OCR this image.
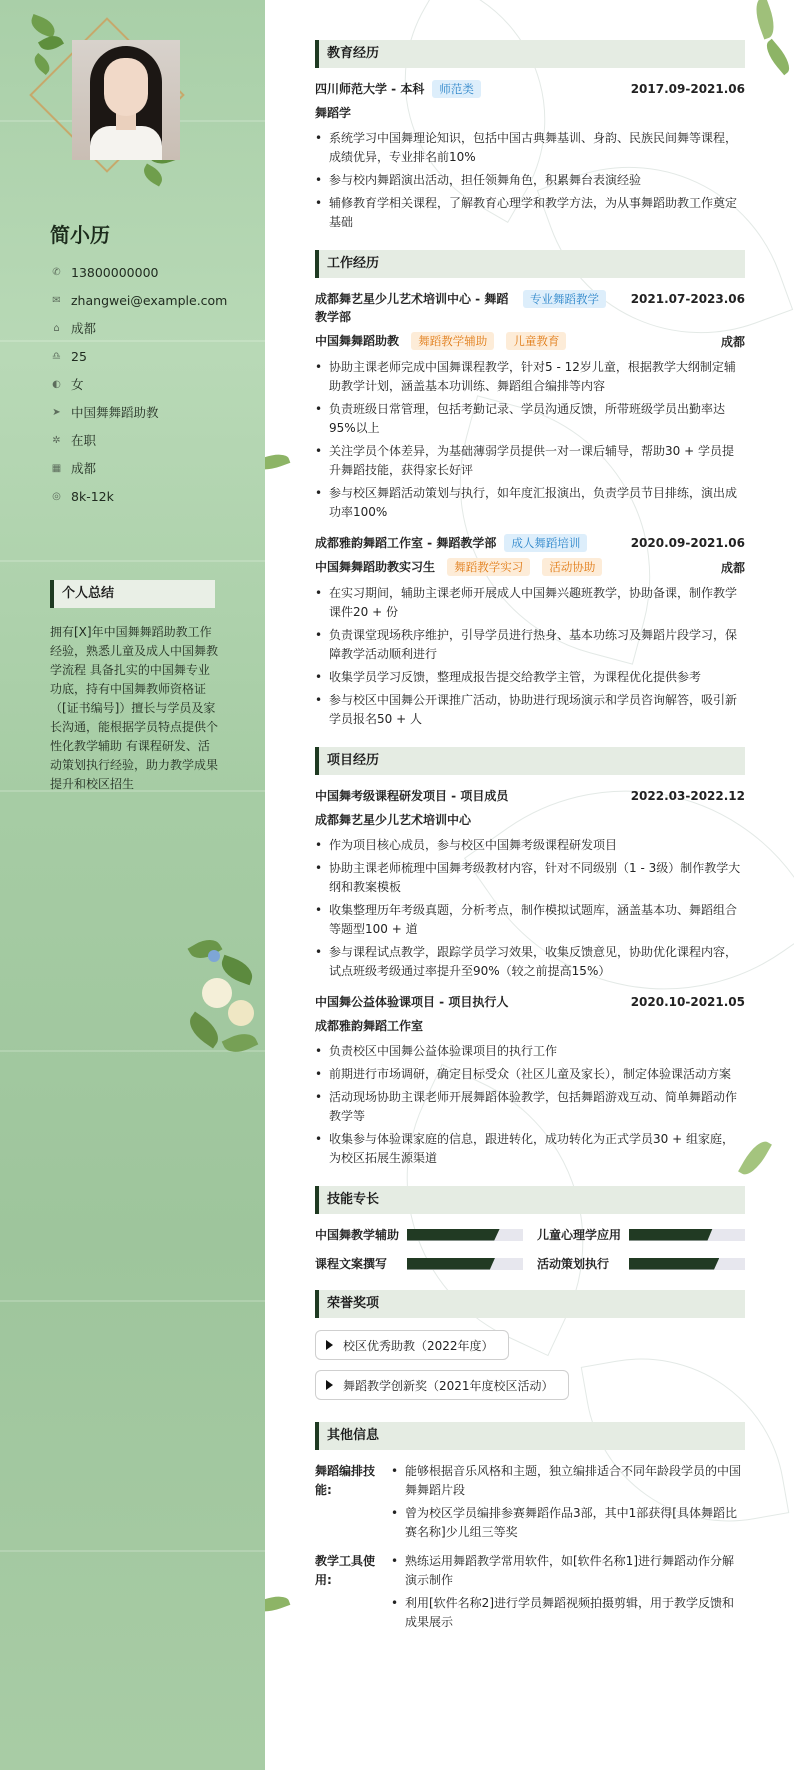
简小历
✆ 13800000000
✉ zhangwei@example.com
⌂ 成都
♎ 25
◐ 女
➤ 中国舞舞蹈助教
✲ 在职
▦ 成都
◎ 8k-12k
个人总结
拥有[X]年中国舞舞蹈助教工作经验，熟悉儿童及成人中国舞教学流程 具备扎实的中国舞专业功底，持有中国舞教师资格证（[证书编号]）擅长与学员及家长沟通，能根据学员特点提供个性化教学辅助 有课程研发、活动策划执行经验，助力教学成果提升和校区招生
教育经历
四川师范大学 - 本科	师范类	2017.09-2021.06
舞蹈学
• 系统学习中国舞理论知识，包括中国古典舞基训、身韵、民族民间舞等课程，成绩优异，专业排名前10%
• 参与校内舞蹈演出活动，担任领舞角色，积累舞台表演经验
• 辅修教育学相关课程，了解教育心理学和教学方法，为从事舞蹈助教工作奠定基础
工作经历
成都舞艺星少儿艺术培训中心 - 舞蹈教学部
专业舞蹈教学	2021.07-2023.06
中国舞舞蹈助教 舞蹈教学辅助 儿童教育	成都
• 协助主课老师完成中国舞课程教学，针对5 - 12岁儿童，根据教学大纲制定辅助教学计划，涵盖基本功训练、舞蹈组合编排等内容
• 负责班级日常管理，包括考勤记录、学员沟通反馈，所带班级学员出勤率达95%以上
• 关注学员个体差异，为基础薄弱学员提供一对一课后辅导，帮助30 + 学员提升舞蹈技能，获得家长好评
• 参与校区舞蹈活动策划与执行，如年度汇报演出，负责学员节目排练，演出成功率100%
成都雅韵舞蹈工作室 - 舞蹈教学部	成人舞蹈培训	2020.09-2021.06
中国舞舞蹈助教实习生 舞蹈教学实习 活动协助	成都
• 在实习期间，辅助主课老师开展成人中国舞兴趣班教学，协助备课，制作教学课件20 + 份
• 负责课堂现场秩序维护，引导学员进行热身、基本功练习及舞蹈片段学习，保障教学活动顺利进行
• 收集学员学习反馈，整理成报告提交给教学主管，为课程优化提供参考
• 参与校区中国舞公开课推广活动，协助进行现场演示和学员咨询解答，吸引新学员报名50 + 人
项目经历
中国舞考级课程研发项目 - 项目成员	2022.03-2022.12
成都舞艺星少儿艺术培训中心
• 作为项目核心成员，参与校区中国舞考级课程研发项目
• 协助主课老师梳理中国舞考级教材内容，针对不同级别（1 - 3级）制作教学大纲和教案模板
• 收集整理历年考级真题，分析考点，制作模拟试题库，涵盖基本功、舞蹈组合等题型100 + 道
• 参与课程试点教学，跟踪学员学习效果，收集反馈意见，协助优化课程内容，试点班级考级通过率提升至90%（较之前提高15%）
中国舞公益体验课项目 - 项目执行人	2020.10-2021.05
成都雅韵舞蹈工作室
• 负责校区中国舞公益体验课项目的执行工作
• 前期进行市场调研，确定目标受众（社区儿童及家长），制定体验课活动方案
• 活动现场协助主课老师开展舞蹈体验教学，包括舞蹈游戏互动、简单舞蹈动作教学等
• 收集参与体验课家庭的信息，跟进转化，成功转化为正式学员30 + 组家庭，为校区拓展生源渠道
技能专长
中国舞教学辅助	儿童心理学应用
课程文案撰写	活动策划执行
荣誉奖项
校区优秀助教（2022年度）
舞蹈教学创新奖（2021年度校区活动）
其他信息
舞蹈编排技能:
• 能够根据音乐风格和主题，独立编排适合不同年龄段学员的中国舞舞蹈片段
• 曾为校区学员编排参赛舞蹈作品3部，其中1部获得[具体舞蹈比赛名称]少儿组三等奖
教学工具使用:
• 熟练运用舞蹈教学常用软件，如[软件名称1]进行舞蹈动作分解演示制作
• 利用[软件名称2]进行学员舞蹈视频拍摄剪辑，用于教学反馈和成果展示
